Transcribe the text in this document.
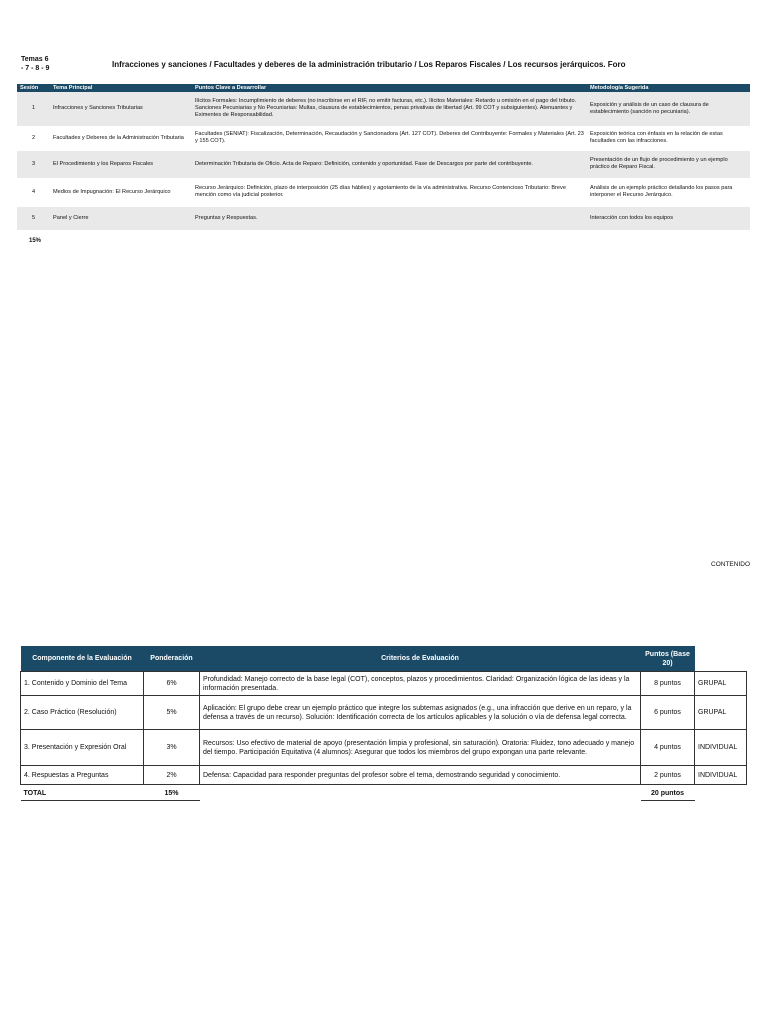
Temas 6
- 7 - 8 - 9	Infracciones y sanciones / Facultades y deberes de la administración tributario / Los Reparos Fiscales / Los recursos jerárquicos. Foro
Sesión	Tema Principal	Puntos Clave a Desarrollar	Metodología Sugerida
1	Infracciones y Sanciones Tributarias	Ilícitos Formales: Incumplimiento de deberes (no inscribirse en el RIF, no emitir facturas, etc.). Ilícitos Materiales: Retardo u omisión en el pago del tributo. Sanciones Pecuniarias y No Pecuniarias: Multas, clausura de establecimientos, penas privativas de libertad (Art. 99 COT y subsiguientes). Atenuantes y Eximentes de Responsabilidad.	Exposición y análisis de un caso de clausura de establecimiento (sanción no pecuniaria).
2	Facultades y Deberes de la Administración Tributaria	Facultades (SENIAT): Fiscalización, Determinación, Recaudación y Sancionadora (Art. 127 COT). Deberes del Contribuyente: Formales y Materiales (Art. 23 y 155 COT).	Exposición teórica con énfasis en la relación de estas facultades con las infracciones.
3	El Procedimiento y los Reparos Fiscales	Determinación Tributaria de Oficio. Acta de Reparo: Definición, contenido y oportunidad. Fase de Descargos por parte del contribuyente.	Presentación de un flujo de procedimiento y un ejemplo práctico de Reparo Fiscal.
4	Medios de Impugnación: El Recurso Jerárquico	Recurso Jerárquico: Definición, plazo de interposición (25 días hábiles) y agotamiento de la vía administrativa. Recurso Contencioso Tributario: Breve mención como vía judicial posterior.	Análisis de un ejemplo práctico detallando los pasos para interponer el Recurso Jerárquico.
5	Panel y Cierre	Preguntas y Respuestas.	Interacción con todos los equipos
15%
CONTENIDO
Componente de la Evaluación	Ponderación	Criterios de Evaluación	Puntos (Base 20)	
1. Contenido y Dominio del Tema	6%	Profundidad: Manejo correcto de la base legal (COT), conceptos, plazos y procedimientos. Claridad: Organización lógica de las ideas y la información presentada.	8 puntos	GRUPAL
2. Caso Práctico (Resolución)	5%	Aplicación: El grupo debe crear un ejemplo práctico que integre los subtemas asignados (e.g., una infracción que derive en un reparo, y la defensa a través de un recurso). Solución: Identificación correcta de los artículos aplicables y la solución o vía de defensa legal correcta.	6 puntos	GRUPAL
3. Presentación y Expresión Oral	3%	Recursos: Uso efectivo de material de apoyo (presentación limpia y profesional, sin saturación). Oratoria: Fluidez, tono adecuado y manejo del tiempo. Participación Equitativa (4 alumnos): Asegurar que todos los miembros del grupo expongan una parte relevante.	4 puntos	INDIVIDUAL
4. Respuestas a Preguntas	2%	Defensa: Capacidad para responder preguntas del profesor sobre el tema, demostrando seguridad y conocimiento.	2 puntos	INDIVIDUAL
TOTAL	15%		20 puntos	
